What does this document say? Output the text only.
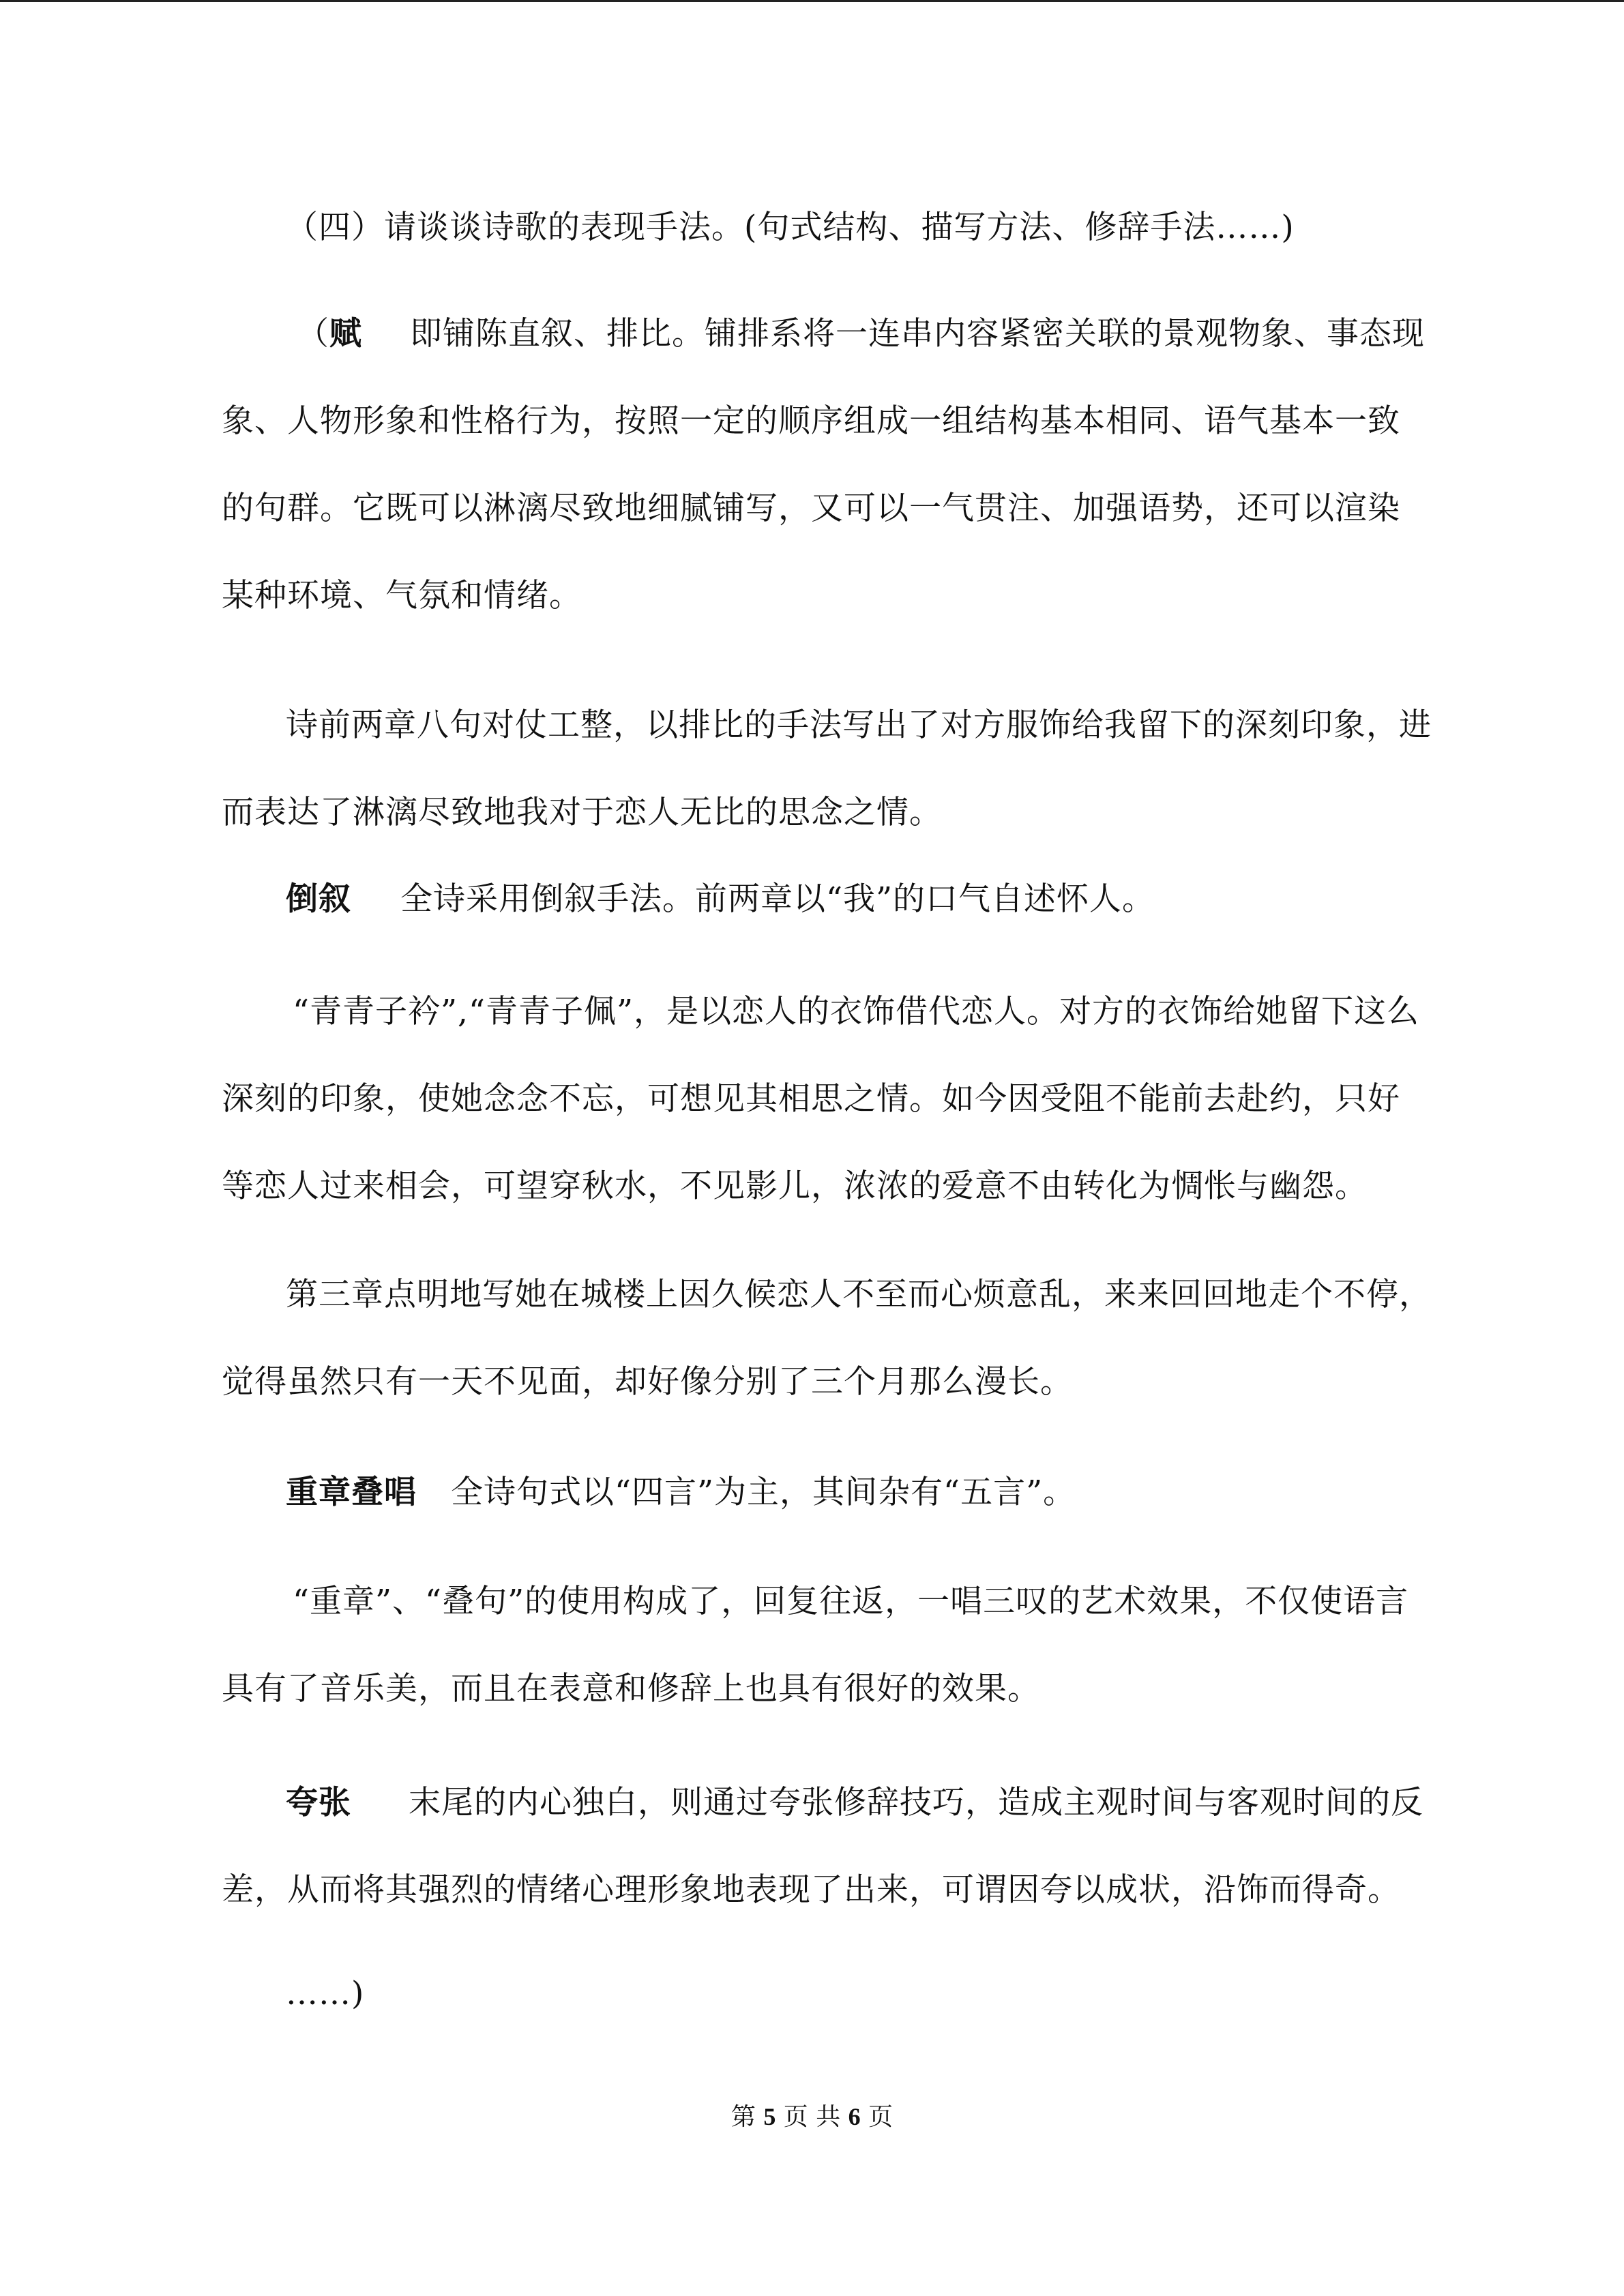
（四）请谈谈诗歌的表现手法。(句式结构、描写方法、修辞手法……)

（赋 即铺陈直叙、排比。铺排系将一连串内容紧密关联的景观物象、事态现象、人物形象和性格行为，按照一定的顺序组成一组结构基本相同、语气基本一致的句群。它既可以淋漓尽致地细腻铺写，又可以一气贯注、加强语势，还可以渲染某种环境、气氛和情绪。

诗前两章八句对仗工整，以排比的手法写出了对方服饰给我留下的深刻印象，进而表达了淋漓尽致地我对于恋人无比的思念之情。

倒叙 全诗采用倒叙手法。前两章以“我”的口气自述怀人。

“青青子衿”,“青青子佩”，是以恋人的衣饰借代恋人。对方的衣饰给她留下这么深刻的印象，使她念念不忘，可想见其相思之情。如今因受阻不能前去赴约，只好等恋人过来相会，可望穿秋水，不见影儿，浓浓的爱意不由转化为惆怅与幽怨。

第三章点明地写她在城楼上因久候恋人不至而心烦意乱，来来回回地走个不停，觉得虽然只有一天不见面，却好像分别了三个月那么漫长。

重章叠唱 全诗句式以“四言”为主，其间杂有“五言”。

“重章”、“叠句”的使用构成了，回复往返，一唱三叹的艺术效果，不仅使语言具有了音乐美，而且在表意和修辞上也具有很好的效果。

夸张 末尾的内心独白，则通过夸张修辞技巧，造成主观时间与客观时间的反差，从而将其强烈的情绪心理形象地表现了出来，可谓因夸以成状，沿饰而得奇。

……)

第 5 页 共 6 页
